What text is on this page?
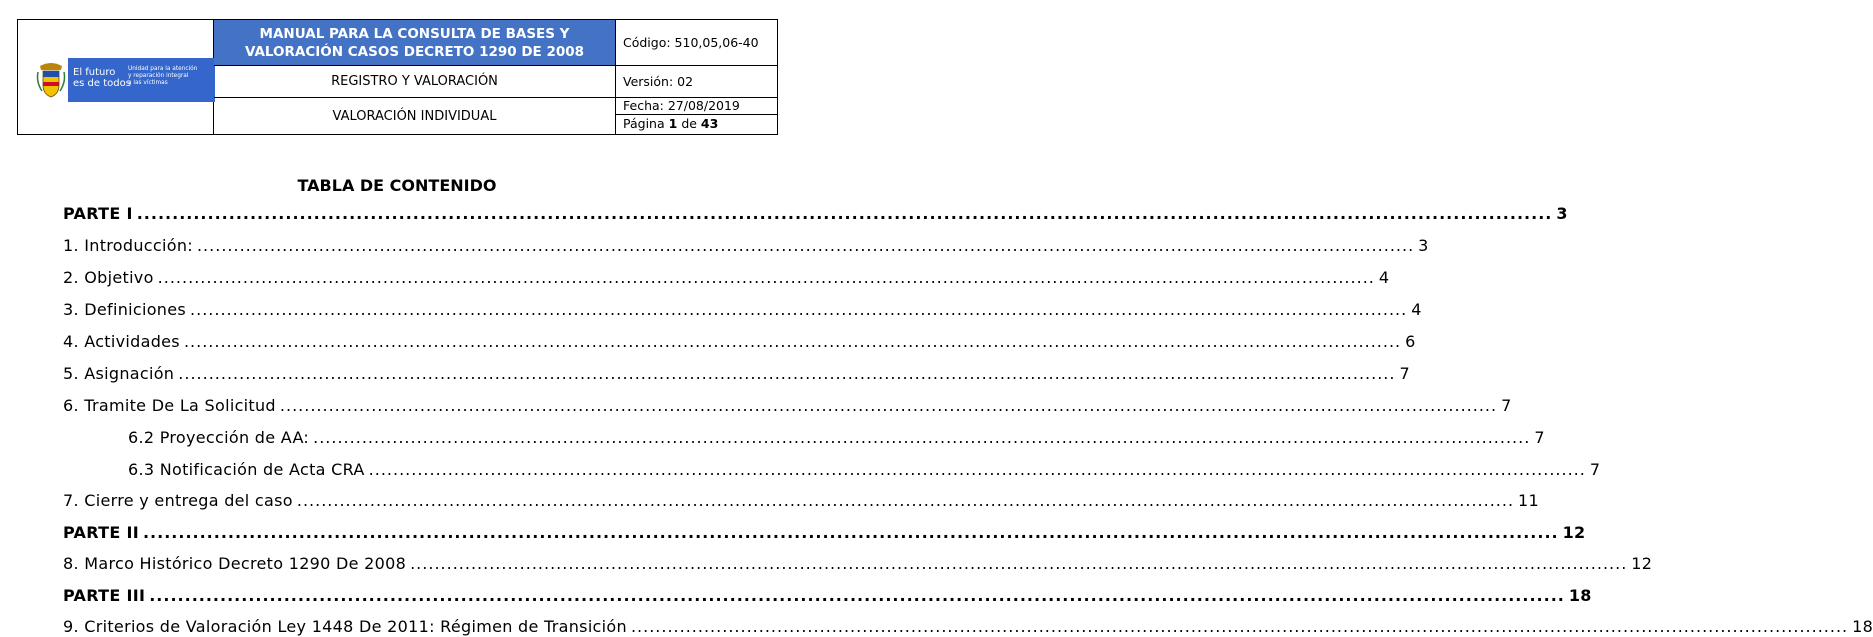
El futuro
es de todos
Unidad para la atención
y reparación integral
a las víctimas
MANUAL PARA LA CONSULTA DE BASES Y
VALORACIÓN CASOS DECRETO 1290 DE 2008
REGISTRO Y VALORACIÓN
VALORACIÓN INDIVIDUAL
Código: 510,05,06-40
Versión: 02
Fecha: 27/08/2019
Página 1 de 43
TABLA DE CONTENIDO
PARTE I ........................................................................................................................................................................................................ 3
1. Introducción: ........................................................................................................................................................................................................ 3
2. Objetivo ........................................................................................................................................................................................................ 4
3. Definiciones ........................................................................................................................................................................................................ 4
4. Actividades ........................................................................................................................................................................................................ 6
5. Asignación ........................................................................................................................................................................................................ 7
6. Tramite De La Solicitud ........................................................................................................................................................................................................ 7
6.2 Proyección de AA: ........................................................................................................................................................................................................ 7
6.3 Notificación de Acta CRA ........................................................................................................................................................................................................ 7
7. Cierre y entrega del caso ........................................................................................................................................................................................................ 11
PARTE II ........................................................................................................................................................................................................ 12
8. Marco Histórico Decreto 1290 De 2008 ........................................................................................................................................................................................................ 12
PARTE III ........................................................................................................................................................................................................ 18
9. Criterios de Valoración Ley 1448 De 2011: Régimen de Transición ........................................................................................................................................................................................................ 18
